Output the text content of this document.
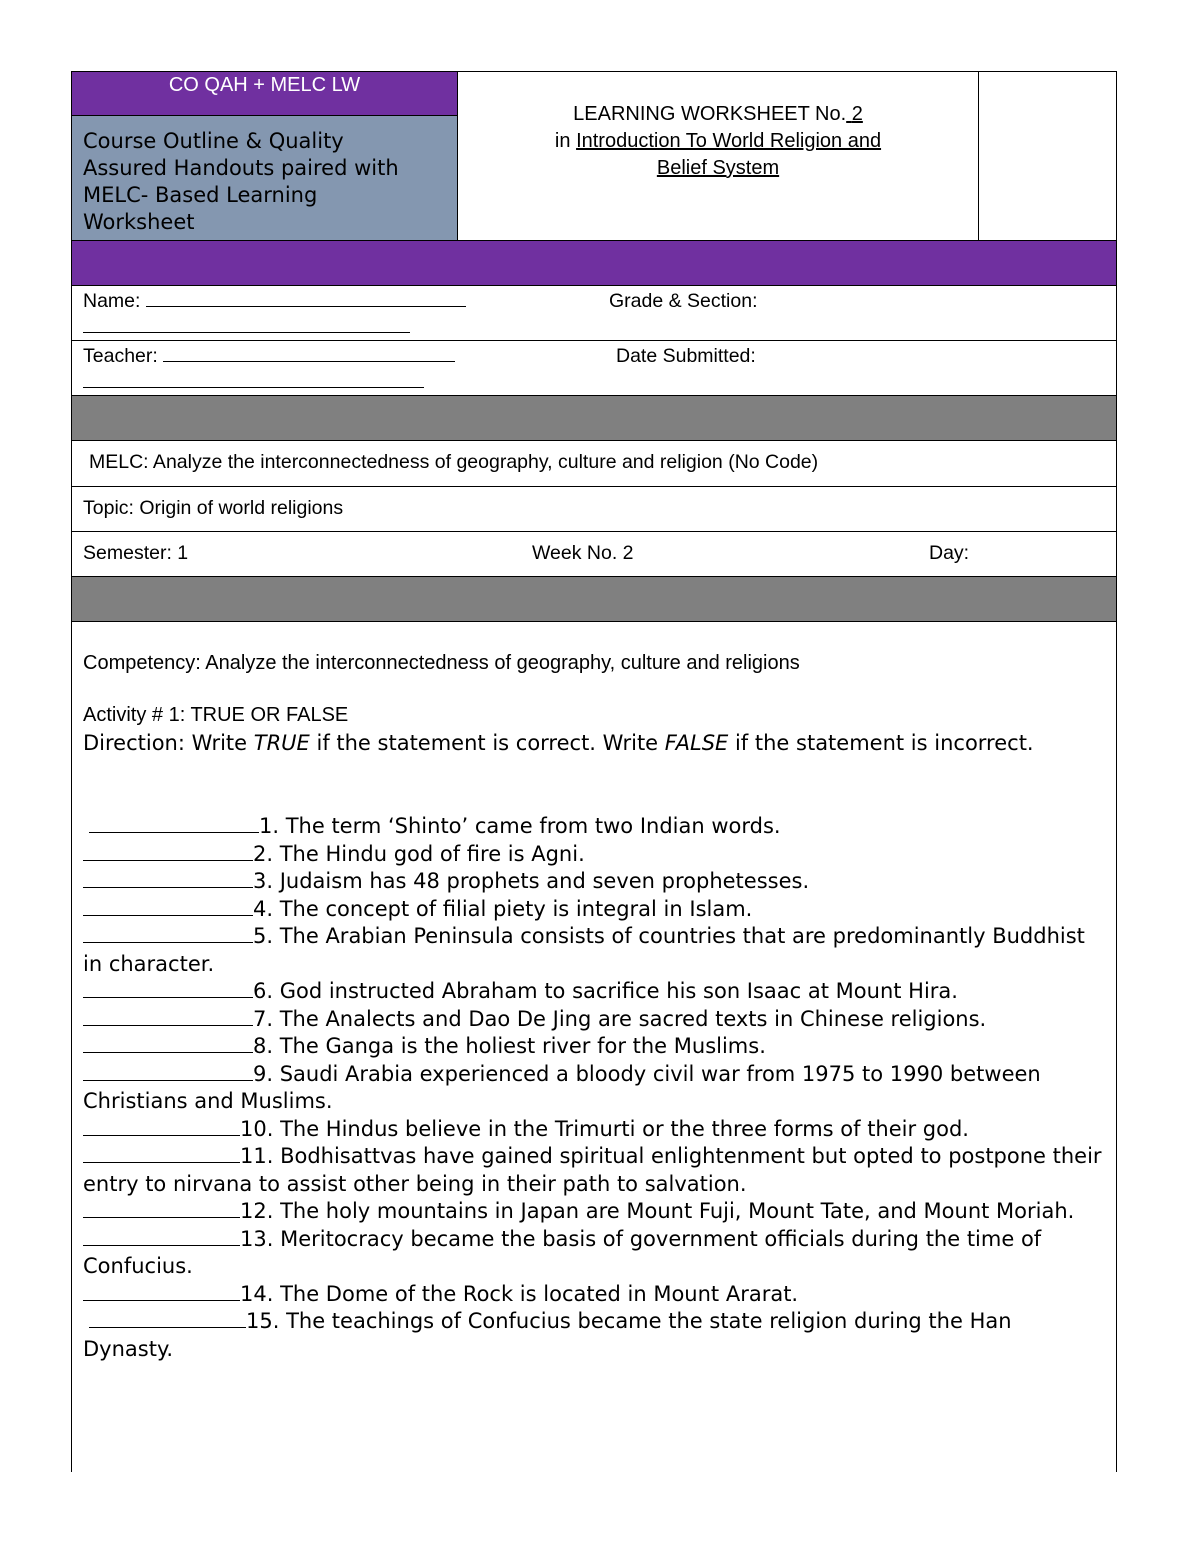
CO QAH + MELC LW
Course Outline & Quality
Assured Handouts paired with
MELC- Based Learning
Worksheet
LEARNING WORKSHEET No. 2
in Introduction To World Religion and
Belief System
Name:	Grade & Section:
Teacher:	Date Submitted:
MELC: Analyze the interconnectedness of geography, culture and religion (No Code)
Topic: Origin of world religions
Semester: 1	Week No. 2	Day:
Competency: Analyze the interconnectedness of geography, culture and religions
Activity # 1: TRUE OR FALSE
Direction: Write TRUE if the statement is correct. Write FALSE if the statement is incorrect.
1. The term ‘Shinto’ came from two Indian words.
2. The Hindu god of fire is Agni.
3. Judaism has 48 prophets and seven prophetesses.
4. The concept of filial piety is integral in Islam.
5. The Arabian Peninsula consists of countries that are predominantly Buddhist in character.
6. God instructed Abraham to sacrifice his son Isaac at Mount Hira.
7. The Analects and Dao De Jing are sacred texts in Chinese religions.
8. The Ganga is the holiest river for the Muslims.
9. Saudi Arabia experienced a bloody civil war from 1975 to 1990 between Christians and Muslims.
10. The Hindus believe in the Trimurti or the three forms of their god.
11. Bodhisattvas have gained spiritual enlightenment but opted to postpone their entry to nirvana to assist other being in their path to salvation.
12. The holy mountains in Japan are Mount Fuji, Mount Tate, and Mount Moriah.
13. Meritocracy became the basis of government officials during the time of Confucius.
14. The Dome of the Rock is located in Mount Ararat.
15. The teachings of Confucius became the state religion during the Han Dynasty.
